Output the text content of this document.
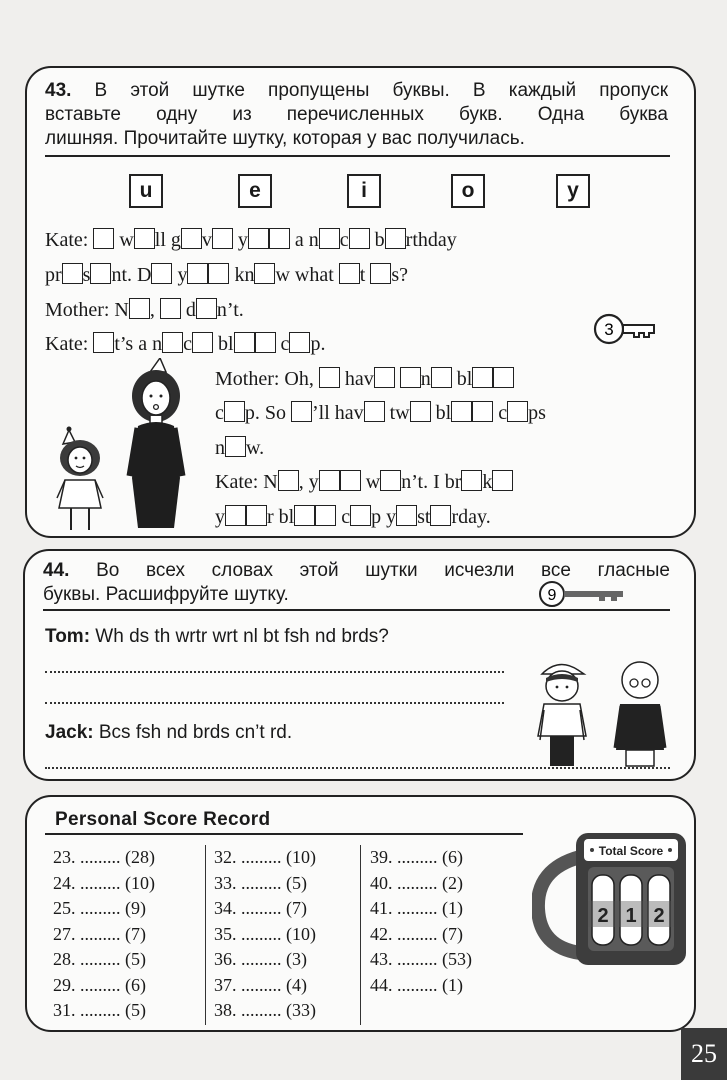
43. В этой шутке пропущены буквы. В каждый пропуск
вставьте одну из перечисленных букв. Одна буква
лишняя. Прочитайте шутку, которая у вас получилась.
u	e	i	o	y
Kate:  w ll g v y a n c b rthday
pr s nt. D y kn w what t s?
Mother: N ,  d n’t.
Kate: t’s a n c bl c p.
Mother: Oh,  hav n bl
c p. So ’ll hav tw bl c ps
n w.
Kate: N , y w n’t. I br k
y r bl c p y st rday.
3
44. Во всех словах этой шутки исчезли все гласные
буквы. Расшифруйте шутку.	9
Tom: Wh ds th wrtr wrt nl bt fsh nd brds?
Jack: Bcs fsh nd brds cn’t rd.
Personal Score Record
23. ......... (28)
24. ......... (10)
25. ......... (9)
27. ......... (7)
28. ......... (5)
29. ......... (6)
31. ......... (5)
32. ......... (10)
33. ......... (5)
34. ......... (7)
35. ......... (10)
36. ......... (3)
37. ......... (4)
38. ......... (33)
39. ......... (6)
40. ......... (2)
41. ......... (1)
42. ......... (7)
43. ......... (53)
44. ......... (1)
Total Score
2 1 2
25
